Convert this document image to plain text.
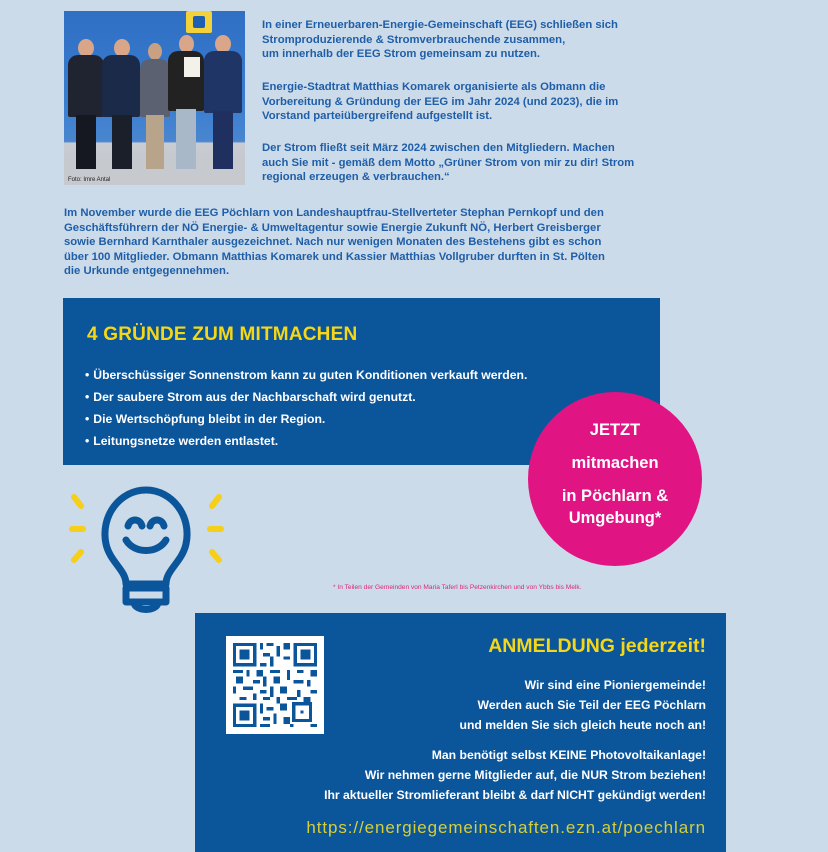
Foto: Imre Antal
In einer Erneuerbaren-Energie-Gemeinschaft (EEG) schließen sich
Stromproduzierende & Stromverbrauchende zusammen,
um innerhalb der EEG Strom gemeinsam zu nutzen.
Energie-Stadtrat Matthias Komarek organisierte als Obmann die
Vorbereitung & Gründung der EEG im Jahr 2024 (und 2023), die im
Vorstand parteiübergreifend aufgestellt ist.
Der Strom fließt seit März 2024 zwischen den Mitgliedern. Machen
auch Sie mit - gemäß dem Motto „Grüner Strom von mir zu dir! Strom
regional erzeugen & verbrauchen.“
Im November wurde die EEG Pöchlarn von Landeshauptfrau-Stellverteter Stephan Pernkopf und den
Geschäftsführern der NÖ Energie- & Umweltagentur sowie Energie Zukunft NÖ, Herbert Greisberger
sowie Bernhard Karnthaler ausgezeichnet. Nach nur wenigen Monaten des Bestehens gibt es schon
über 100 Mitglieder. Obmann Matthias Komarek und Kassier Matthias Vollgruber durften in St. Pölten
die Urkunde entgegennehmen.
4 GRÜNDE ZUM MITMACHEN
• Überschüssiger Sonnenstrom kann zu guten Konditionen verkauft werden.
• Der saubere Strom aus der Nachbarschaft wird genutzt.
• Die Wertschöpfung bleibt in der Region.
• Leitungsnetze werden entlastet.
JETZT
mitmachen
in Pöchlarn &
Umgebung*
* In Teilen der Gemeinden von Maria Taferl bis Petzenkirchen und von Ybbs bis Melk.
ANMELDUNG jederzeit!
Wir sind eine Pioniergemeinde!
Werden auch Sie Teil der EEG Pöchlarn
und melden Sie sich gleich heute noch an!
Man benötigt selbst KEINE Photovoltaikanlage!
Wir nehmen gerne Mitglieder auf, die NUR Strom beziehen!
Ihr aktueller Stromlieferant bleibt & darf NICHT gekündigt werden!
https://energiegemeinschaften.ezn.at/poechlarn
